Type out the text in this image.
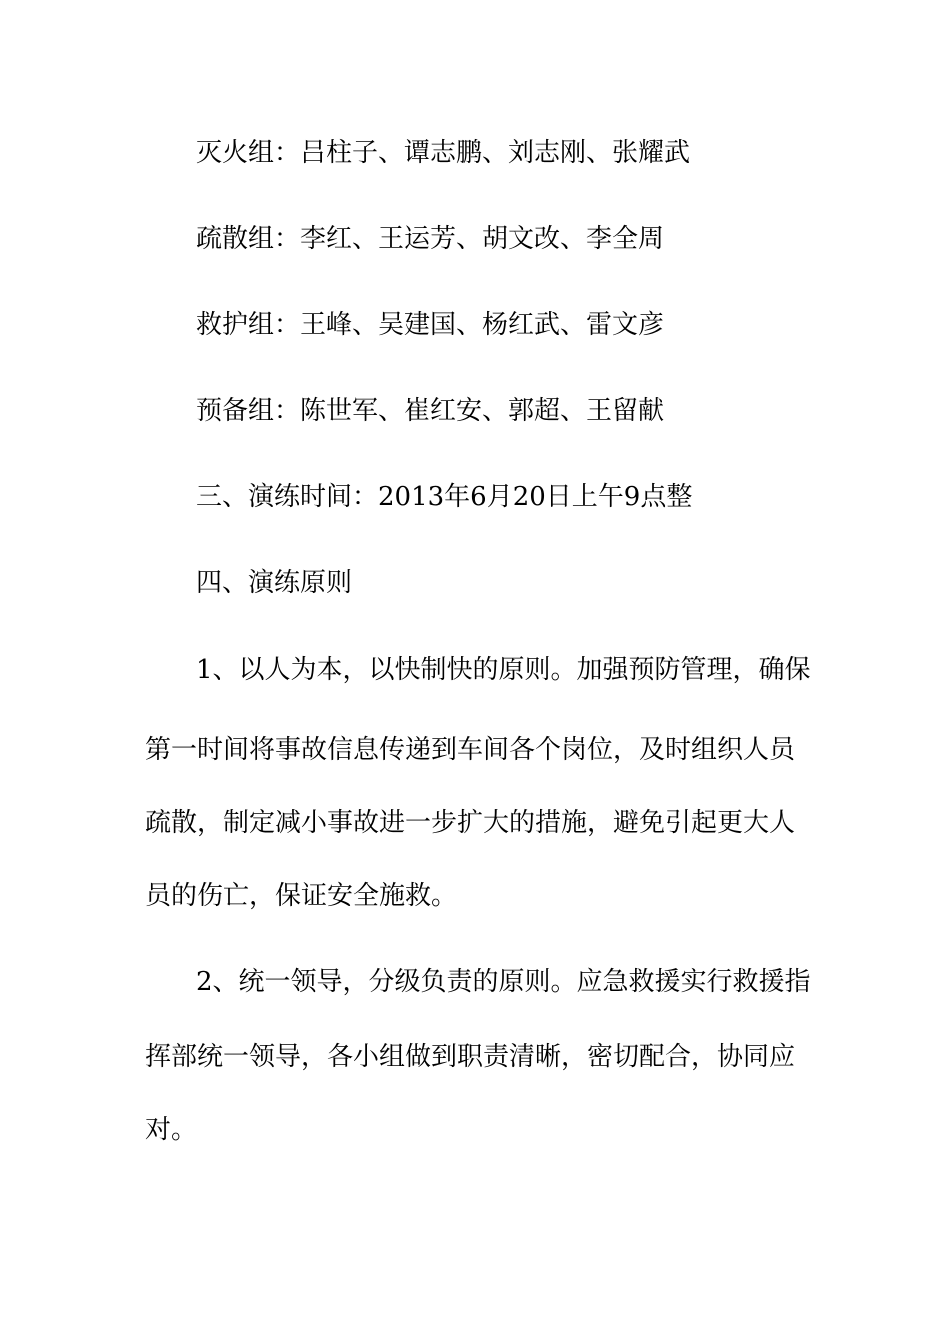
灭火组：吕柱子、谭志鹏、刘志刚、张耀武
疏散组：李红、王运芳、胡文改、李全周
救护组：王峰、吴建国、杨红武、雷文彦
预备组：陈世军、崔红安、郭超、王留献
三、演练时间：2013年6月20日上午9点整
四、演练原则
1、以人为本，以快制快的原则。加强预防管理，确保
第一时间将事故信息传递到车间各个岗位，及时组织人员
疏散，制定减小事故进一步扩大的措施，避免引起更大人
员的伤亡，保证安全施救。
2、统一领导，分级负责的原则。应急救援实行救援指
挥部统一领导，各小组做到职责清晰，密切配合，协同应
对。
